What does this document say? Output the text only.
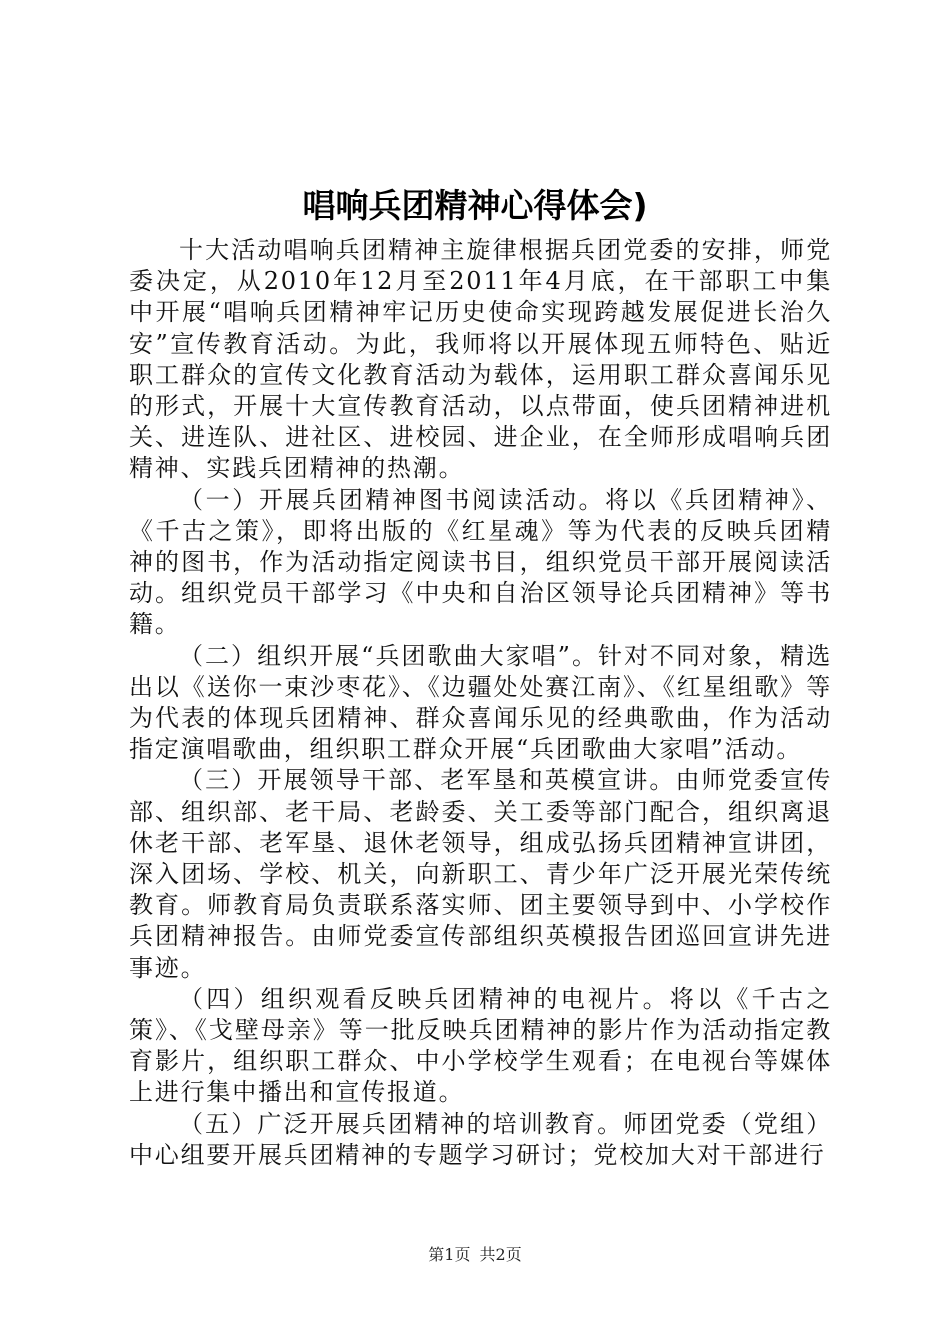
唱响兵团精神心得体会)

十大活动唱响兵团精神主旋律根据兵团党委的安排，师党委决定，从2010年12月至2011年4月底，在干部职工中集中开展“唱响兵团精神牢记历史使命实现跨越发展促进长治久安”宣传教育活动。为此，我师将以开展体现五师特色、贴近职工群众的宣传文化教育活动为载体，运用职工群众喜闻乐见的形式，开展十大宣传教育活动，以点带面，使兵团精神进机关、进连队、进社区、进校园、进企业，在全师形成唱响兵团精神、实践兵团精神的热潮。

（一）开展兵团精神图书阅读活动。将以《兵团精神》、《千古之策》，即将出版的《红星魂》等为代表的反映兵团精神的图书，作为活动指定阅读书目，组织党员干部开展阅读活动。组织党员干部学习《中央和自治区领导论兵团精神》等书籍。

（二）组织开展“兵团歌曲大家唱”。针对不同对象，精选出以《送你一束沙枣花》、《边疆处处赛江南》、《红星组歌》等为代表的体现兵团精神、群众喜闻乐见的经典歌曲，作为活动指定演唱歌曲，组织职工群众开展“兵团歌曲大家唱”活动。

（三）开展领导干部、老军垦和英模宣讲。由师党委宣传部、组织部、老干局、老龄委、关工委等部门配合，组织离退休老干部、老军垦、退休老领导，组成弘扬兵团精神宣讲团，深入团场、学校、机关，向新职工、青少年广泛开展光荣传统教育。师教育局负责联系落实师、团主要领导到中、小学校作兵团精神报告。由师党委宣传部组织英模报告团巡回宣讲先进事迹。

（四）组织观看反映兵团精神的电视片。将以《千古之策》、《戈壁母亲》等一批反映兵团精神的影片作为活动指定教育影片，组织职工群众、中小学校学生观看；在电视台等媒体上进行集中播出和宣传报道。

（五）广泛开展兵团精神的培训教育。师团党委（党组）中心组要开展兵团精神的专题学习研讨；党校加大对干部进行

第1页 共2页
